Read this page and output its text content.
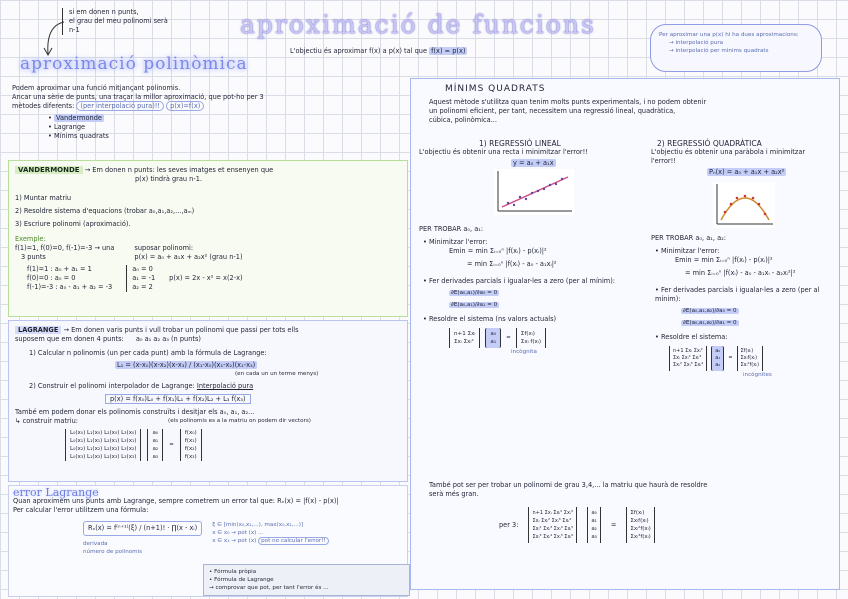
si em donen n punts,
el grau del meu polinomi serà
n-1	aproximació de funcions
L'objectiu és aproximar f(x) a p(x) tal que f(x) ≈ p(x)
Per aproximar una p(x) hi ha dues aproximacions:
→ interpolació pura
→ interpolació per mínims quadrats
aproximació polinòmica
Podem aproximar una funció mitjançant polinomis.
Ancar una sèrie de punts, una traçar la millor aproximació, que pot-ho per 3
mètodes diferents: (per interpolació pura)!! p(x)=f(x)
• Vandermonde
• Lagrange
• Mínims quadrats
VANDERMONDE → Em donen n punts: les seves imatges et ensenyen que
p(x) tindrà grau n-1.
1) Muntar matriu
2) Resoldre sistema d'equacions (trobar a₀,a₁,a₂,...,aₘ)
3) Escriure polinomi (aproximació).
Exemple:
f(1)=1, f(0)=0, f(-1)=-3 → una
3 punts
suposar polinomi:
p(x) = a₀ + a₁x + a₂x² (grau n-1)
f(1)=1 : a₀ + a₁ = 1
f(0)=0 : a₀ = 0
f(-1)=-3 : a₀ - a₁ + a₂ = -3
a₀ = 0
a₁ = -1
a₂ = 2
p(x) = 2x - x² = x(2-x)
LAGRANGE → Em donen varis punts i vull trobar un polinomi que passi per tots ells
suposem que em donen 4 punts: a₀ a₁ a₂ a₃ (n punts)
1) Calcular n polinomis (un per cada punt) amb la fórmula de Lagrange:
L₁ = (x-x₀)(x-x₂)(x-x₃) / (x₁-x₀)(x₁-x₂)(x₁-x₃)
(en cada un un terme menys)
2) Construir el polinomi interpolador de Lagrange: Interpolació pura
p(x) = f(x₀)L₀ + f(x₁)L₁ + f(x₂)L₂ + L₃ f(x₃)
També em podem donar els polinomis construïts i desitjar els a₀, a₁, a₂...
↳ construir matriu:	(els polinomis es a la matriu on podem dir vectors)
L₀(x₀) L₁(x₀) L₂(x₀) L₃(x₀)
L₀(x₁) L₁(x₁) L₂(x₁) L₃(x₁)
L₀(x₂) L₁(x₂) L₂(x₂) L₃(x₂)
L₀(x₃) L₁(x₃) L₂(x₃) L₃(x₃)
a₀
a₁
a₂
a₃
=
f(x₀)
f(x₁)
f(x₂)
f(x₃)
error Lagrange
Quan aproximem uns punts amb Lagrange, sempre cometrem un error tal que: Rₙ(x) = |f(x) - p(x)|
Per calcular l'error utilitzem una fórmula:
Rₙ(x) = f⁽ⁿ⁺¹⁾(ξ) / (n+1)! · ∏(x - xᵢ)
derivada
número de polinomis
ξ ∈ [min(x₀,x₁,...), max(x₀,x₁,...)]
x ∈ x₀ → pot (x) ...
x ∈ x₁ → pot (x) pot no calcular l'error!!
• Fórmula pròpia
• Fórmula de Lagrange
→ comprovar que pot, per tant l'error és ...
MÍNIMS QUADRATS
Aquest mètode s'utilitza quan tenim molts punts experimentals, i no podem obtenir
un polinomi eficient, per tant, necessitem una regressió lineal, quadràtica,
cúbica, polinòmica...
1) REGRESSIÓ LINEAL
L'objectiu és obtenir una recta i minimitzar l'error!!
y = a₀ + a₁x
PER TROBAR a₀, a₁:
• Minimitzar l'error:
Emin = min Σᵢ₌₀ⁿ |f(xᵢ) - p(xᵢ)|²
= min Σᵢ₌₀ⁿ |f(xᵢ) - a₀ - a₁xᵢ|²
• Fer derivades parcials i igualar-les a zero (per al mínim):
∂E(a₀,a₁)/∂a₀ = 0
∂E(a₀,a₁)/∂a₁ = 0
• Resoldre el sistema (ns valors actuals)
n+1 Σxᵢ
Σxᵢ Σxᵢ²
a₀
a₁
=
Σf(xᵢ)
Σxᵢ f(xᵢ)
incògnita
2) REGRESSIÓ QUADRÀTICA
L'objectiu és obtenir una paràbola i minimitzar
l'error!!
Pₙ(x) = a₀ + a₁x + a₂x²
PER TROBAR a₀, a₁, a₂:
• Minimitzar l'error:
Emin = min Σᵢ₌₀ⁿ |f(xᵢ) - p(xᵢ)|²
= min Σᵢ₌₀ⁿ |f(xᵢ) - a₀ - a₁xᵢ - a₂xᵢ²|²
• Fer derivades parcials i igualar-les a zero (per al mínim):
∂E(a₀,a₁,a₂)/∂a₀ = 0
∂E(a₀,a₁,a₂)/∂a₁ = 0
• Resoldre el sistema:
n+1 Σxᵢ Σxᵢ²
Σxᵢ Σxᵢ² Σxᵢ³
Σxᵢ² Σxᵢ³ Σxᵢ⁴
a₀
a₁
a₂
=
Σf(xᵢ)
Σxᵢf(xᵢ)
Σxᵢ²f(xᵢ)
incògnites
També pot ser per trobar un polinomi de grau 3,4,... la matriu que haurà de resoldre
serà més gran.
per 3:
n+1 Σxᵢ Σxᵢ² Σxᵢ³
Σxᵢ Σxᵢ² Σxᵢ³ Σxᵢ⁴
Σxᵢ² Σxᵢ³ Σxᵢ⁴ Σxᵢ⁵
Σxᵢ³ Σxᵢ⁴ Σxᵢ⁵ Σxᵢ⁶
a₀
a₁
a₂
a₃
=
Σf(xᵢ)
Σxᵢf(xᵢ)
Σxᵢ²f(xᵢ)
Σxᵢ³f(xᵢ)
